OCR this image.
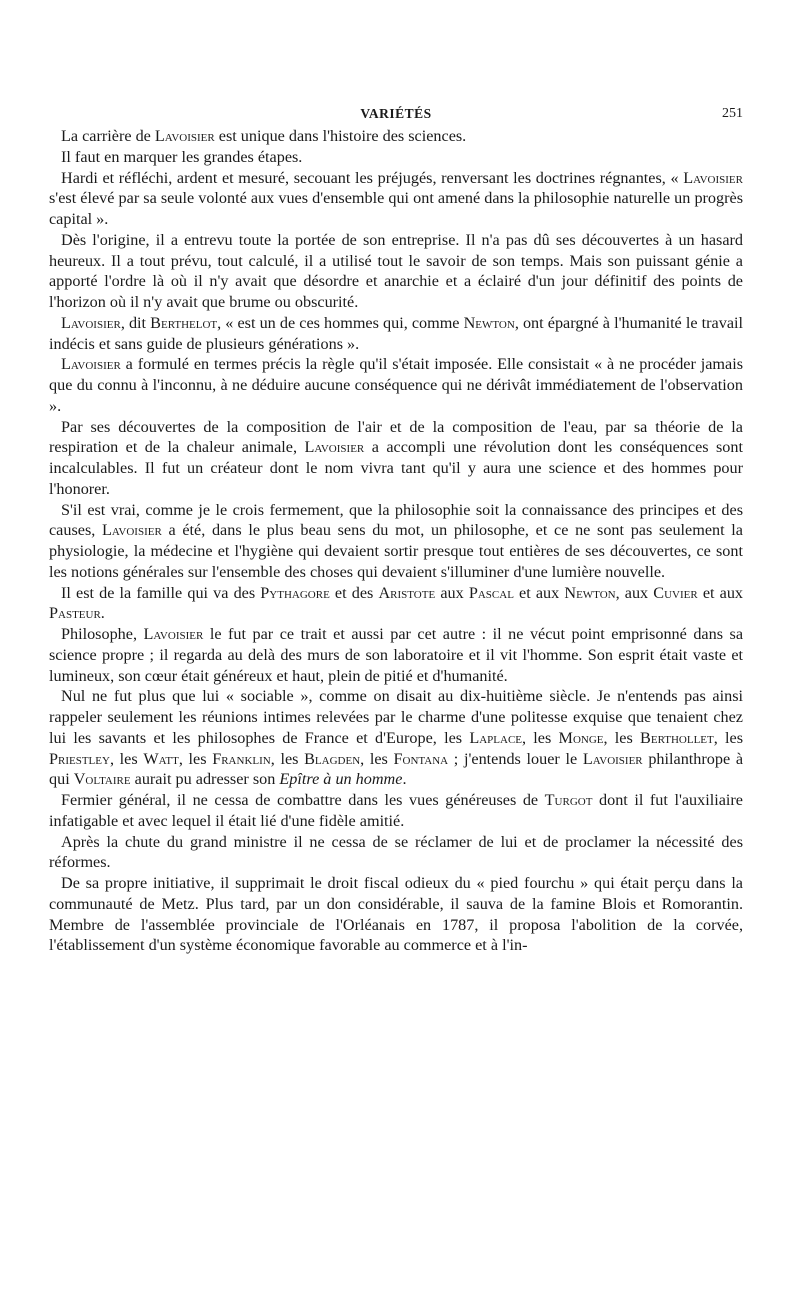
VARIÉTÉS	251

La carrière de Lavoisier est unique dans l'histoire des sciences.

Il faut en marquer les grandes étapes.

Hardi et réfléchi, ardent et mesuré, secouant les préjugés, renversant les doctrines régnantes, « Lavoisier s'est élevé par sa seule volonté aux vues d'ensemble qui ont amené dans la philosophie naturelle un progrès capital ».

Dès l'origine, il a entrevu toute la portée de son entreprise. Il n'a pas dû ses découvertes à un hasard heureux. Il a tout prévu, tout calculé, il a utilisé tout le savoir de son temps. Mais son puissant génie a apporté l'ordre là où il n'y avait que désordre et anarchie et a éclairé d'un jour définitif des points de l'horizon où il n'y avait que brume ou obscurité.

Lavoisier, dit Berthelot, « est un de ces hommes qui, comme Newton, ont épargné à l'humanité le travail indécis et sans guide de plusieurs générations ».

Lavoisier a formulé en termes précis la règle qu'il s'était imposée. Elle consistait « à ne procéder jamais que du connu à l'inconnu, à ne déduire aucune conséquence qui ne dérivât immédiatement de l'observation ».

Par ses découvertes de la composition de l'air et de la composition de l'eau, par sa théorie de la respiration et de la chaleur animale, Lavoisier a accompli une révolution dont les conséquences sont incalculables. Il fut un créateur dont le nom vivra tant qu'il y aura une science et des hommes pour l'honorer.

S'il est vrai, comme je le crois fermement, que la philosophie soit la connaissance des principes et des causes, Lavoisier a été, dans le plus beau sens du mot, un philosophe, et ce ne sont pas seulement la physiologie, la médecine et l'hygiène qui devaient sortir presque tout entières de ses découvertes, ce sont les notions générales sur l'ensemble des choses qui devaient s'illuminer d'une lumière nouvelle.

Il est de la famille qui va des Pythagore et des Aristote aux Pascal et aux Newton, aux Cuvier et aux Pasteur.

Philosophe, Lavoisier le fut par ce trait et aussi par cet autre : il ne vécut point emprisonné dans sa science propre ; il regarda au delà des murs de son laboratoire et il vit l'homme. Son esprit était vaste et lumineux, son cœur était généreux et haut, plein de pitié et d'humanité.

Nul ne fut plus que lui « sociable », comme on disait au dix-huitième siècle. Je n'entends pas ainsi rappeler seulement les réunions intimes relevées par le charme d'une politesse exquise que tenaient chez lui les savants et les philosophes de France et d'Europe, les Laplace, les Monge, les Berthollet, les Priestley, les Watt, les Franklin, les Blagden, les Fontana ; j'entends louer le Lavoisier philanthrope à qui Voltaire aurait pu adresser son Epître à un homme.

Fermier général, il ne cessa de combattre dans les vues généreuses de Turgot dont il fut l'auxiliaire infatigable et avec lequel il était lié d'une fidèle amitié.

Après la chute du grand ministre il ne cessa de se réclamer de lui et de proclamer la nécessité des réformes.

De sa propre initiative, il supprimait le droit fiscal odieux du « pied fourchu » qui était perçu dans la communauté de Metz. Plus tard, par un don considérable, il sauva de la famine Blois et Romorantin. Membre de l'assemblée provinciale de l'Orléanais en 1787, il proposa l'abolition de la corvée, l'établissement d'un système économique favorable au commerce et à l'in-
